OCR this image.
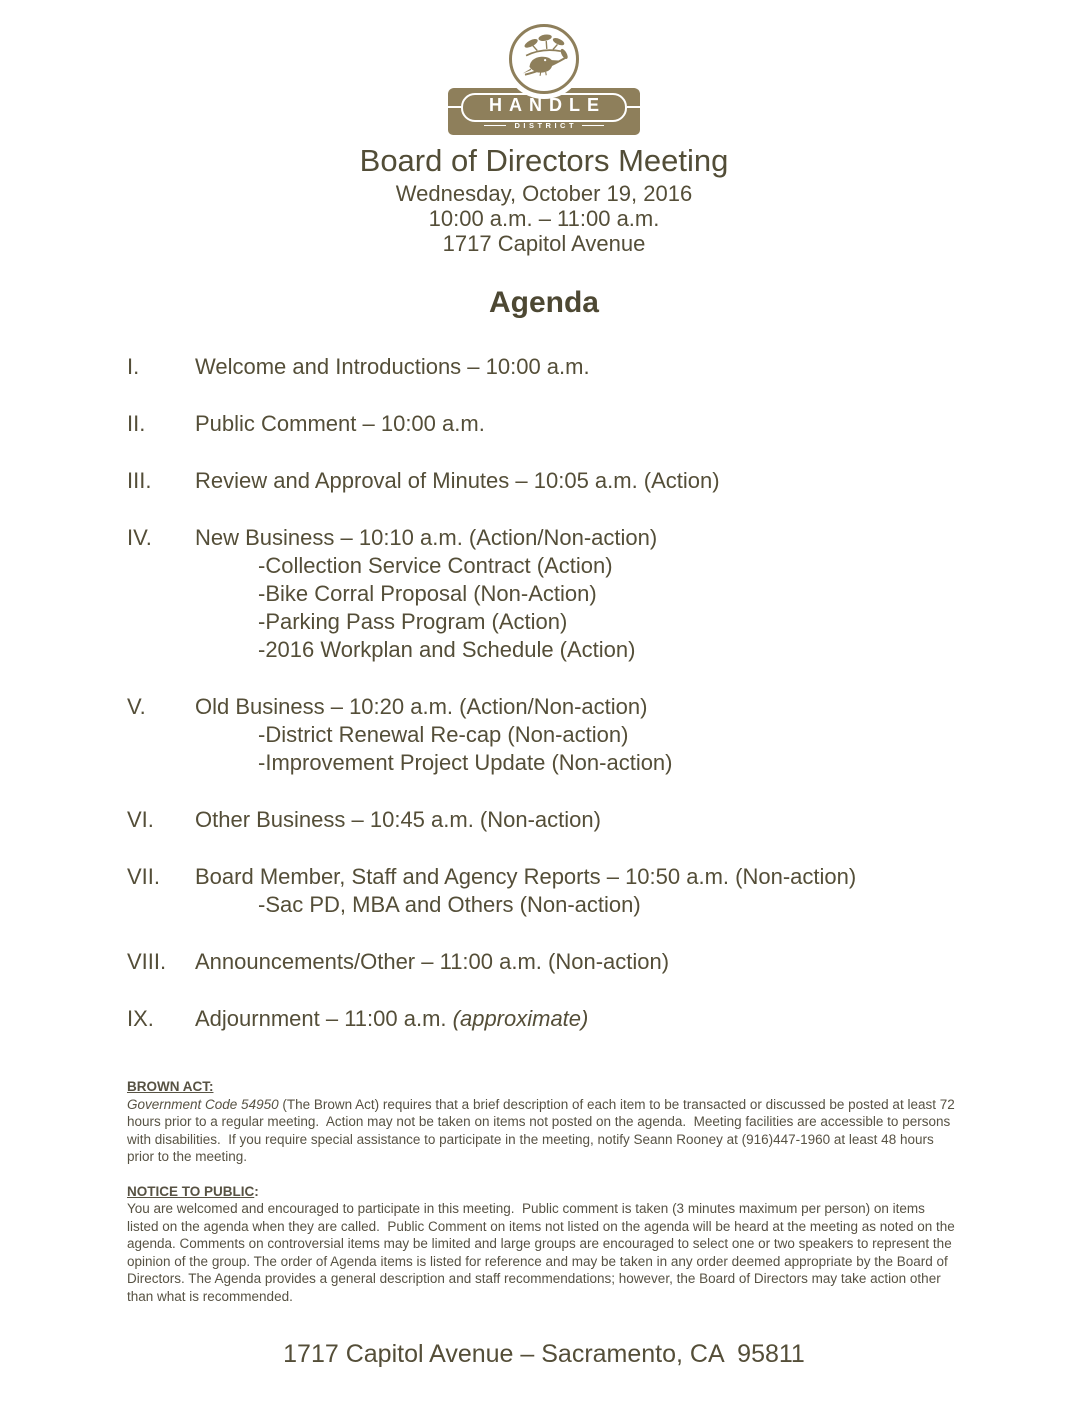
HANDLE
DISTRICT
Board of Directors Meeting
Wednesday, October 19, 2016
10:00 a.m. – 11:00 a.m.
1717 Capitol Avenue
Agenda
I.	Welcome and Introductions – 10:00 a.m.
II.	Public Comment – 10:00 a.m.
III.	Review and Approval of Minutes – 10:05 a.m. (Action)
IV.	New Business – 10:10 a.m. (Action/Non-action)
-Collection Service Contract (Action)
-Bike Corral Proposal (Non-Action)
-Parking Pass Program (Action)
-2016 Workplan and Schedule (Action)
V.	Old Business – 10:20 a.m. (Action/Non-action)
-District Renewal Re-cap (Non-action)
-Improvement Project Update (Non-action)
VI.	Other Business – 10:45 a.m. (Non-action)
VII.	Board Member, Staff and Agency Reports – 10:50 a.m. (Non-action)
-Sac PD, MBA and Others (Non-action)
VIII.	Announcements/Other – 11:00 a.m. (Non-action)
IX.	Adjournment – 11:00 a.m. (approximate)
BROWN ACT:
Government Code 54950 (The Brown Act) requires that a brief description of each item to be transacted or discussed be posted at least 72 hours prior to a regular meeting.  Action may not be taken on items not posted on the agenda.  Meeting facilities are accessible to persons with disabilities.  If you require special assistance to participate in the meeting, notify Seann Rooney at (916)447-1960 at least 48 hours prior to the meeting.
NOTICE TO PUBLIC:
You are welcomed and encouraged to participate in this meeting.  Public comment is taken (3 minutes maximum per person) on items listed on the agenda when they are called.  Public Comment on items not listed on the agenda will be heard at the meeting as noted on the agenda. Comments on controversial items may be limited and large groups are encouraged to select one or two speakers to represent the opinion of the group. The order of Agenda items is listed for reference and may be taken in any order deemed appropriate by the Board of Directors. The Agenda provides a general description and staff recommendations; however, the Board of Directors may take action other than what is recommended.
1717 Capitol Avenue – Sacramento, CA  95811
